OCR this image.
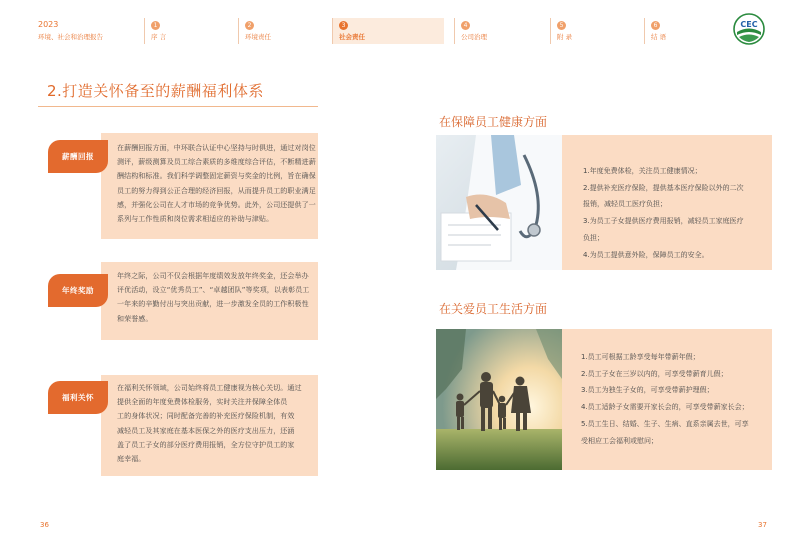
2023
环境、社会和治理报告
1
序 言
2
环境责任
3
社会责任
4
公司治理
5
附 录
6
结 语
CEC
2.打造关怀备至的薪酬福利体系
薪酬回报
在薪酬回报方面，中环联合认证中心坚持与时俱进，通过对岗位
测评，薪级测算及员工综合素质的多维度综合评估，不断精进薪
酬结构和标准。我们科学调整固定薪资与奖金的比例，旨在确保
员工的努力得到公正合理的经济回报，从而提升员工的职业满足
感，并强化公司在人才市场的竞争优势。此外，公司还提供了一
系列与工作性质和岗位需求相适应的补助与津贴。
年终奖励
年终之际，公司不仅会根据年度绩效发放年终奖金，还会举办
评优活动，设立“优秀员工”、“卓越团队”等奖项，以表彰员工
一年来的辛勤付出与突出贡献，进一步激发全员的工作积极性
和荣誉感。
福利关怀
在福利关怀领域，公司始终将员工健康视为核心关切。通过
提供全面的年度免费体检服务，实时关注并保障全体员
工的身体状况；同时配备完善的补充医疗保险机制，有效
减轻员工及其家庭在基本医保之外的医疗支出压力，还涵
盖了员工子女的部分医疗费用报销，全方位守护员工的家
庭幸福。
36
在保障员工健康方面

1.年度免费体检，关注员工健康情况；

2.提供补充医疗保险，提供基本医疗保险以外的二次

报销，减轻员工医疗负担；

3.为员工子女提供医疗费用报销，减轻员工家庭医疗

负担；

4.为员工提供意外险，保障员工的安全。

在关爱员工生活方面

1.员工可根据工龄享受每年带薪年假；

2.员工子女在三岁以内的，可享受带薪育儿假；

3.员工为独生子女的，可享受带薪护理假；

4.员工适龄子女需要开家长会的，可享受带薪家长会；

5.员工生日、结婚、生子、生病、直系亲属去世，可享

受相应工会福利或慰问；

37
